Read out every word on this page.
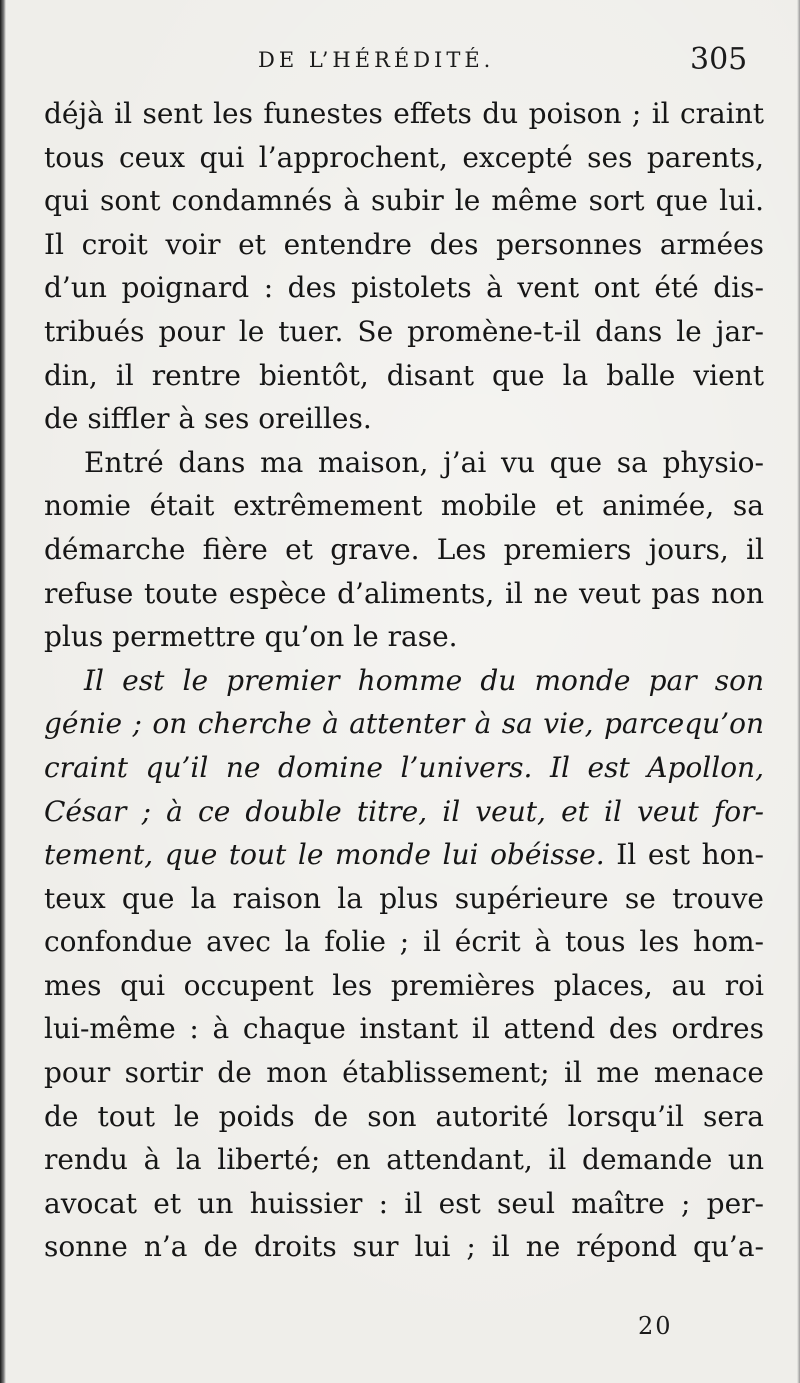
DE L’HÉRÉDITÉ.	305
déjà il sent les funestes effets du poison ; il craint
tous ceux qui l’approchent, excepté ses parents,
qui sont condamnés à subir le même sort que lui.
Il croit voir et entendre des personnes armées
d’un poignard : des pistolets à vent ont été dis-
tribués pour le tuer. Se promène-t-il dans le jar-
din, il rentre bientôt, disant que la balle vient
de siffler à ses oreilles.
Entré dans ma maison, j’ai vu que sa physio-
nomie était extrêmement mobile et animée, sa
démarche fière et grave. Les premiers jours, il
refuse toute espèce d’aliments, il ne veut pas non
plus permettre qu’on le rase.
Il est le premier homme du monde par son
génie ; on cherche à attenter à sa vie, parcequ’on
craint qu’il ne domine l’univers. Il est Apollon,
César ; à ce double titre, il veut, et il veut for-
tement, que tout le monde lui obéisse. Il est hon-
teux que la raison la plus supérieure se trouve
confondue avec la folie ; il écrit à tous les hom-
mes qui occupent les premières places, au roi
lui-même : à chaque instant il attend des ordres
pour sortir de mon établissement; il me menace
de tout le poids de son autorité lorsqu’il sera
rendu à la liberté; en attendant, il demande un
avocat et un huissier : il est seul maître ; per-
sonne n’a de droits sur lui ; il ne répond qu’a-
20
